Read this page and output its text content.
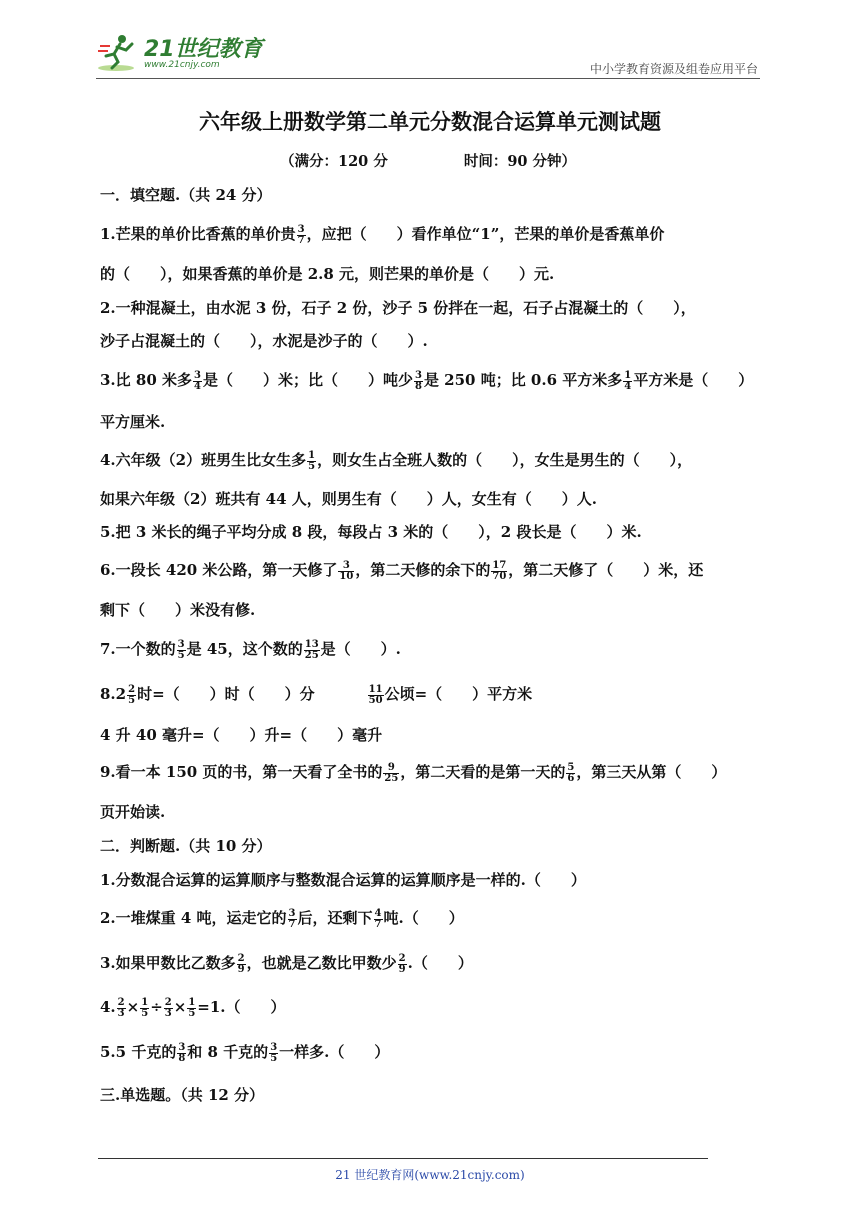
21世纪教育
www.21cnjy.com	中小学教育资源及组卷应用平台
六年级上册数学第二单元分数混合运算单元测试题
（满分：120 分	时间：90 分钟）
一．填空题.（共 24 分）
1.芒果的单价比香蕉的单价贵 $\frac{3}{7}$ ，应把（　　）看作单位“1”，芒果的单价是香蕉单价
的（　　），如果香蕉的单价是 2.8 元，则芒果的单价是（　　）元.
2.一种混凝土，由水泥 3 份，石子 2 份，沙子 5 份拌在一起，石子占混凝土的（　　），
沙子占混凝土的（　　），水泥是沙子的（　　）.
3.比 80 米多 $\frac{3}{4}$ 是（　　）米；比（　　）吨少 $\frac{3}{8}$ 是 250 吨；比 0.6 平方米多 $\frac{1}{4}$ 平方米是（　　）
平方厘米.
4.六年级（2）班男生比女生多 $\frac{1}{5}$ ，则女生占全班人数的（　　），女生是男生的（　　），
如果六年级（2）班共有 44 人，则男生有（　　）人，女生有（　　）人.
5.把 3 米长的绳子平均分成 8 段，每段占 3 米的（　　），2 段长是（　　）米.
6.一段长 420 米公路，第一天修了 $\frac{3}{10}$ ，第二天修的余下的 $\frac{17}{70}$ ，第二天修了（　　）米，还
剩下（　　）米没有修.
7.一个数的 $\frac{3}{5}$ 是 45，这个数的 $\frac{13}{25}$ 是（　　）.
$8.2 \frac{2}{5}$ 时=（　　）时（　　）分	$\frac{11}{50}$ 公顷=（　　）平方米
4 升 40 毫升=（　　）升=（　　）毫升
9.看一本 150 页的书，第一天看了全书的 $\frac{9}{25}$ ，第二天看的是第一天的 $\frac{5}{6}$ ，第三天从第（　　）
页开始读.
二．判断题.（共 10 分）
1.分数混合运算的运算顺序与整数混合运算的运算顺序是一样的.（　　）
2.一堆煤重 4 吨，运走它的 $\frac{3}{7}$ 后，还剩下 $\frac{4}{7}$ 吨.（　　）
3.如果甲数比乙数多 $\frac{2}{9}$ ，也就是乙数比甲数少 $\frac{2}{9}$ .（　　）
4. $\frac{2}{3} \times \frac{1}{5} \div \frac{2}{3} \times \frac{1}{5} =1$.（　　）
5.5 千克的 $\frac{3}{8}$ 和 8 千克的 $\frac{3}{5}$ 一样多.（　　）
三.单选题。（共 12 分）
21 世纪教育网(www.21cnjy.com)
